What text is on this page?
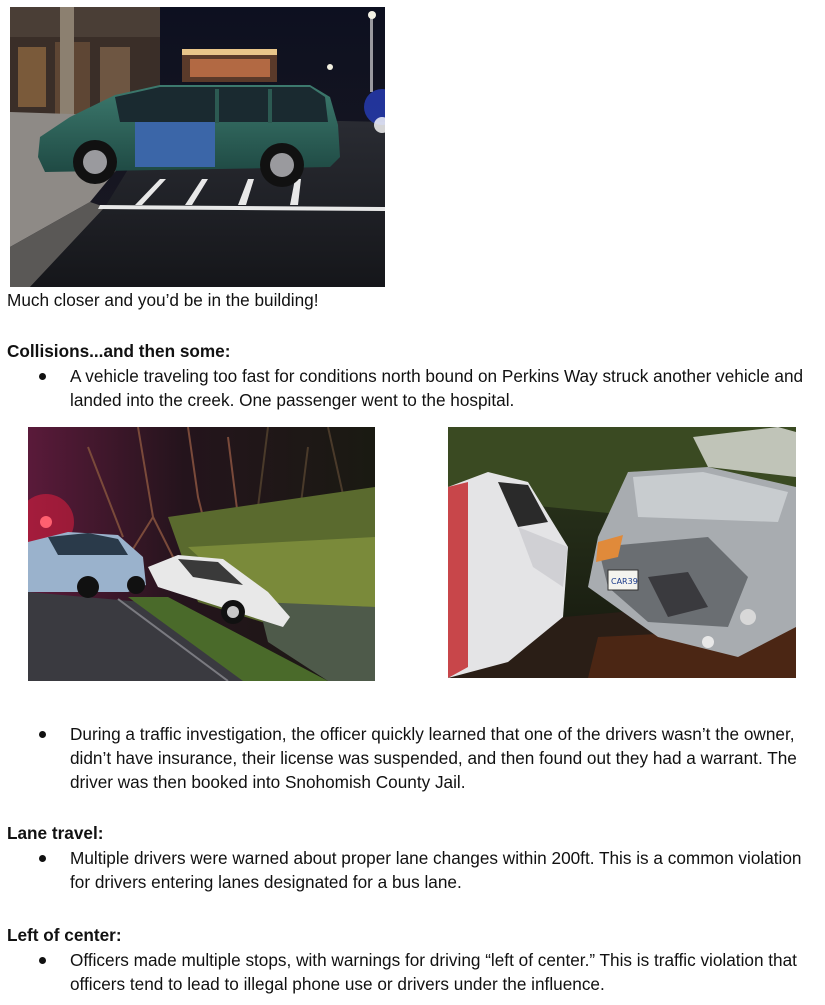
Much closer and you’d be in the building!
Collisions...and then some:
A vehicle traveling too fast for conditions north bound on Perkins Way struck another vehicle and landed into the creek. One passenger went to the hospital.
CAR39
During a traffic investigation, the officer quickly learned that one of the drivers wasn’t the owner, didn’t have insurance, their license was suspended, and then found out they had a warrant. The driver was then booked into Snohomish County Jail.
Lane travel:
Multiple drivers were warned about proper lane changes within 200ft. This is a common violation for drivers entering lanes designated for a bus lane.
Left of center:
Officers made multiple stops, with warnings for driving “left of center.” This is traffic violation that officers tend to lead to illegal phone use or drivers under the influence.
